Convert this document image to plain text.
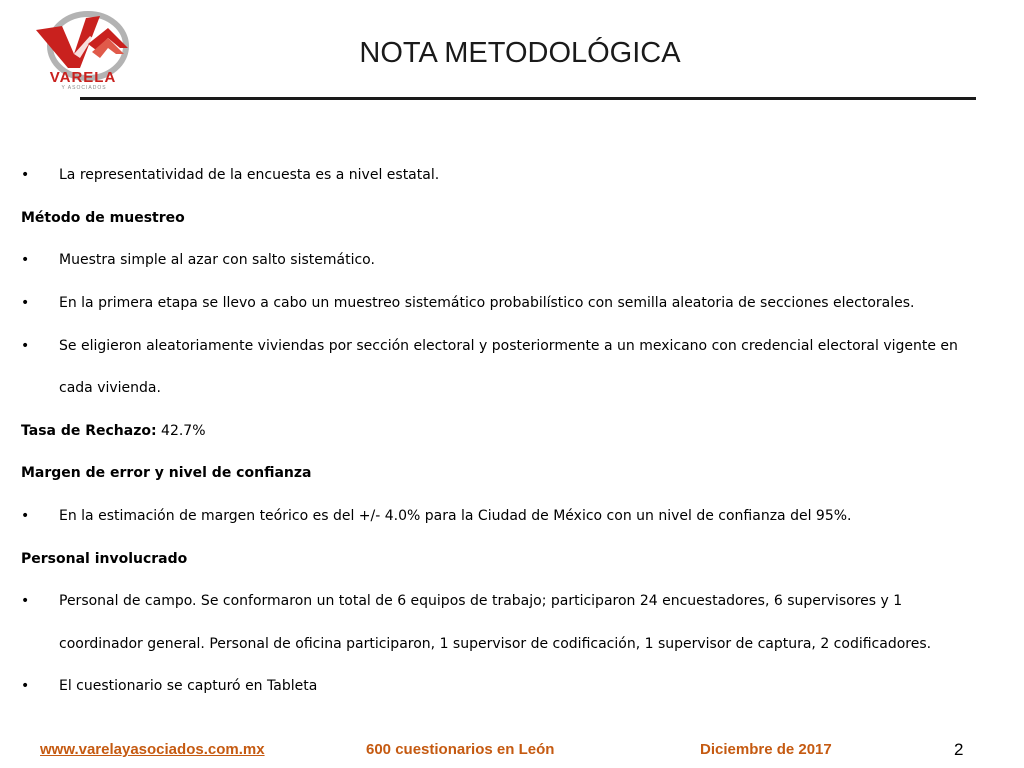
VARELA
Y ASOCIADOS
NOTA METODOLÓGICA
•	La representatividad de la encuesta es a nivel estatal.
Método de muestreo
•	Muestra simple al azar con salto sistemático.
•	En la primera etapa se llevo a cabo un muestreo sistemático probabilístico con semilla aleatoria de secciones electorales.
•	Se eligieron aleatoriamente viviendas por sección electoral y posteriormente a un mexicano con credencial electoral vigente en
cada vivienda.
Tasa de Rechazo:
42.7%
Margen de error y nivel de confianza
•	En la estimación de margen teórico es del +/- 4.0% para la Ciudad de México con un nivel de confianza del 95%.
Personal involucrado
•	Personal de campo. Se conformaron un total de 6 equipos de trabajo; participaron 24 encuestadores, 6 supervisores y 1
coordinador general. Personal de oficina participaron, 1 supervisor de codificación, 1 supervisor de captura, 2 codificadores.
•	El cuestionario se capturó en Tableta
www.varelayasociados.com.mx	600 cuestionarios en León	Diciembre de 2017	2
